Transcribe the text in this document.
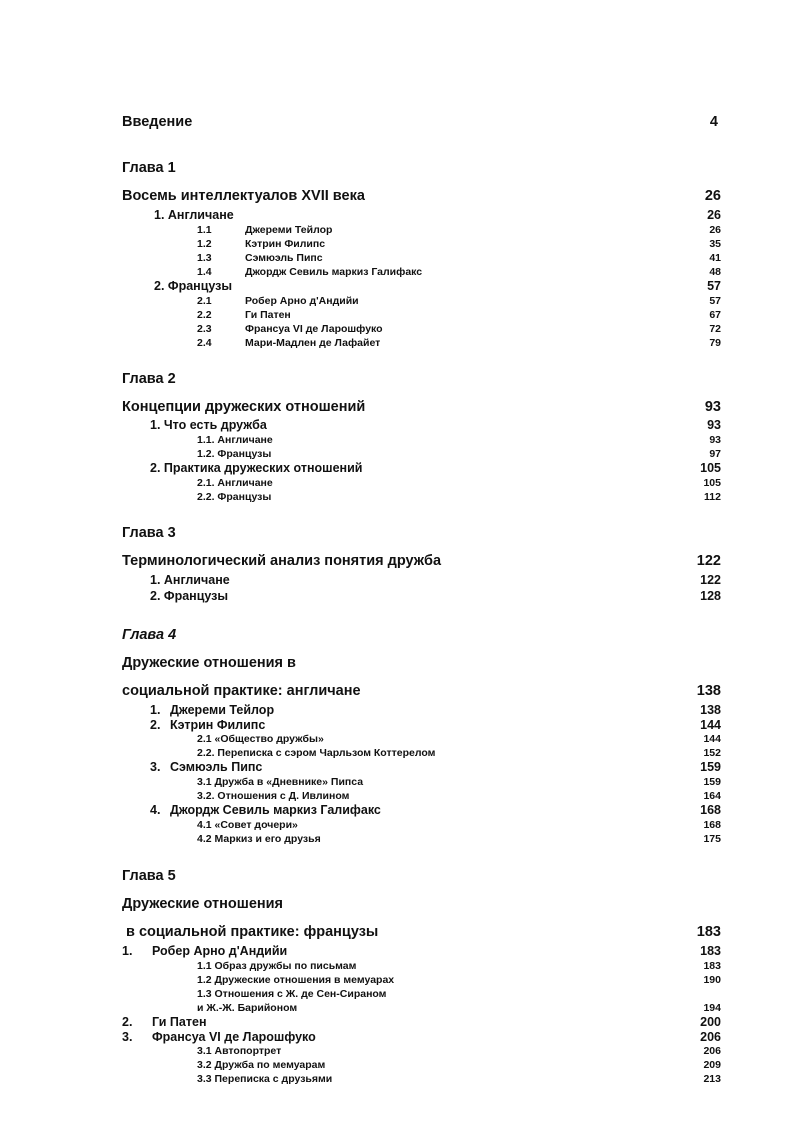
Введение	4
Глава 1
Восемь интеллектуалов XVII века	26
1. Англичане	26
1.1	Джереми Тейлор	26
1.2	Кэтрин Филипс	35
1.3	Сэмюэль Пипс	41
1.4	Джордж Севиль маркиз Галифакс	48
2. Французы	57
2.1	Робер Арно д'Андийи	57
2.2	Ги Патен	67
2.3	Франсуа VI де Ларошфуко	72
2.4	Мари-Мадлен де Лафайет	79
Глава 2
Концепции дружеских отношений	93
1. Что есть дружба	93
1.1. Англичане	93
1.2. Французы	97
2. Практика дружеских отношений	105
2.1. Англичане	105
2.2. Французы	112
Глава 3
Терминологический анализ понятия дружба	122
1. Англичане	122
2. Французы	128
Глава 4
Дружеские отношения в
социальной практике: англичане	138
1. Джереми Тейлор	138
2. Кэтрин Филипс	144
2.1 «Общество дружбы»	144
2.2. Переписка с сэром Чарльзом Коттерелом	152
3. Сэмюэль Пипс	159
3.1 Дружба в «Дневнике» Пипса	159
3.2. Отношения с Д. Ивлином	164
4. Джордж Севиль маркиз Галифакс	168
4.1 «Совет дочери»	168
4.2 Маркиз и его друзья	175
Глава 5
Дружеские отношения
в социальной практике: французы	183
1. Робер Арно д'Андийи	183
1.1 Образ дружбы по письмам	183
1.2 Дружеские отношения в мемуарах	190
1.3 Отношения с Ж. де Сен-Сираном
и Ж.-Ж. Барийоном	194
2. Ги Патен	200
3. Франсуа VI де Ларошфуко	206
3.1 Автопортрет	206
3.2 Дружба по мемуарам	209
3.3 Переписка с друзьями	213
